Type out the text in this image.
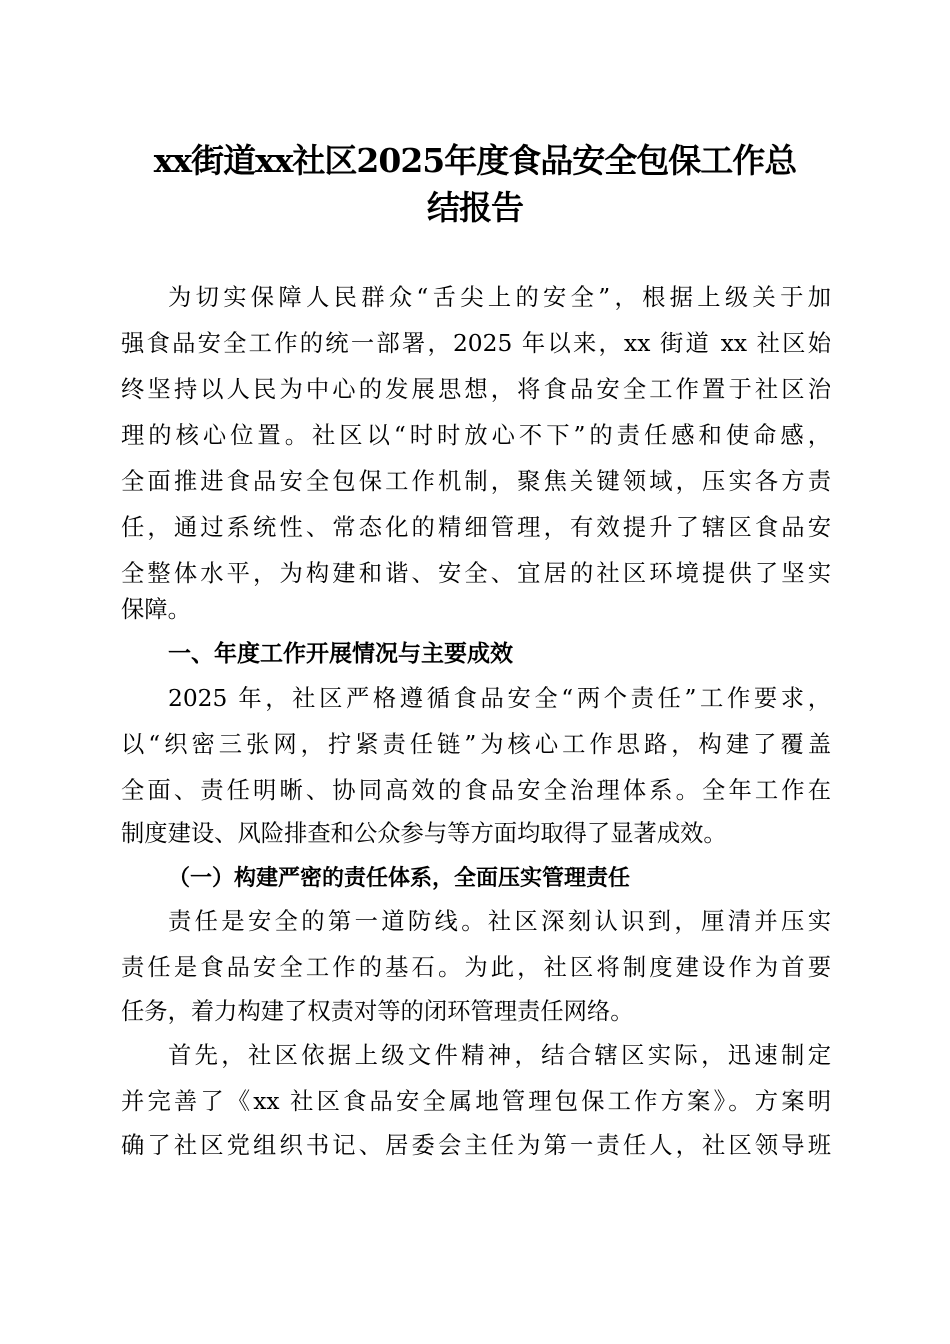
xx街道xx社区2025年度食品安全包保工作总
结报告
为切实保障人民群众“舌尖上的安全”，根据上级关于加
强食品安全工作的统一部署，2025 年以来，xx 街道 xx 社区始
终坚持以人民为中心的发展思想，将食品安全工作置于社区治
理的核心位置。社区以“时时放心不下”的责任感和使命感，
全面推进食品安全包保工作机制，聚焦关键领域，压实各方责
任，通过系统性、常态化的精细管理，有效提升了辖区食品安
全整体水平，为构建和谐、安全、宜居的社区环境提供了坚实
保障。
一、年度工作开展情况与主要成效
2025 年，社区严格遵循食品安全“两个责任”工作要求，
以“织密三张网，拧紧责任链”为核心工作思路，构建了覆盖
全面、责任明晰、协同高效的食品安全治理体系。全年工作在
制度建设、风险排查和公众参与等方面均取得了显著成效。
（一）构建严密的责任体系，全面压实管理责任
责任是安全的第一道防线。社区深刻认识到，厘清并压实
责任是食品安全工作的基石。为此，社区将制度建设作为首要
任务，着力构建了权责对等的闭环管理责任网络。
首先，社区依据上级文件精神，结合辖区实际，迅速制定
并完善了《xx 社区食品安全属地管理包保工作方案》。方案明
确了社区党组织书记、居委会主任为第一责任人，社区领导班
